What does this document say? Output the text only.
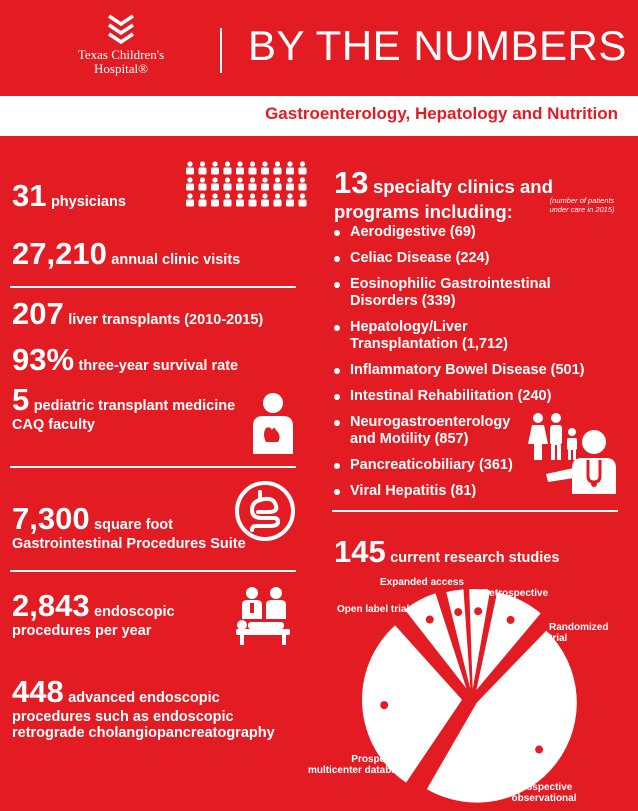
Texas Children's
Hospital®	BY THE NUMBERS
Gastroenterology, Hepatology and Nutrition
31 physicians
27,210 annual clinic visits
207 liver transplants (2010-2015)
93% three-year survival rate
5 pediatric transplant medicine
CAQ faculty
7,300 square foot
Gastrointestinal Procedures Suite
2,843 endoscopic
procedures per year
448 advanced endoscopic
procedures such as endoscopic
retrograde cholangiopancreatography
13 specialty clinics and
programs including:
(number of patients
under care in 2015)
Aerodigestive (69)
Celiac Disease (224)
Eosinophilic Gastrointestinal
Disorders (339)
Hepatology/Liver
Transplantation (1,712)
Inflammatory Bowel Disease (501)
Intestinal Rehabilitation (240)
Neurogastroenterology
and Motility (857)
Pancreaticobiliary (361)
Viral Hepatitis (81)
145 current research studies
Expanded access
Retrospective
Open label trial
Randomized
trial
Prospective
multicenter database
Prospective
observational
